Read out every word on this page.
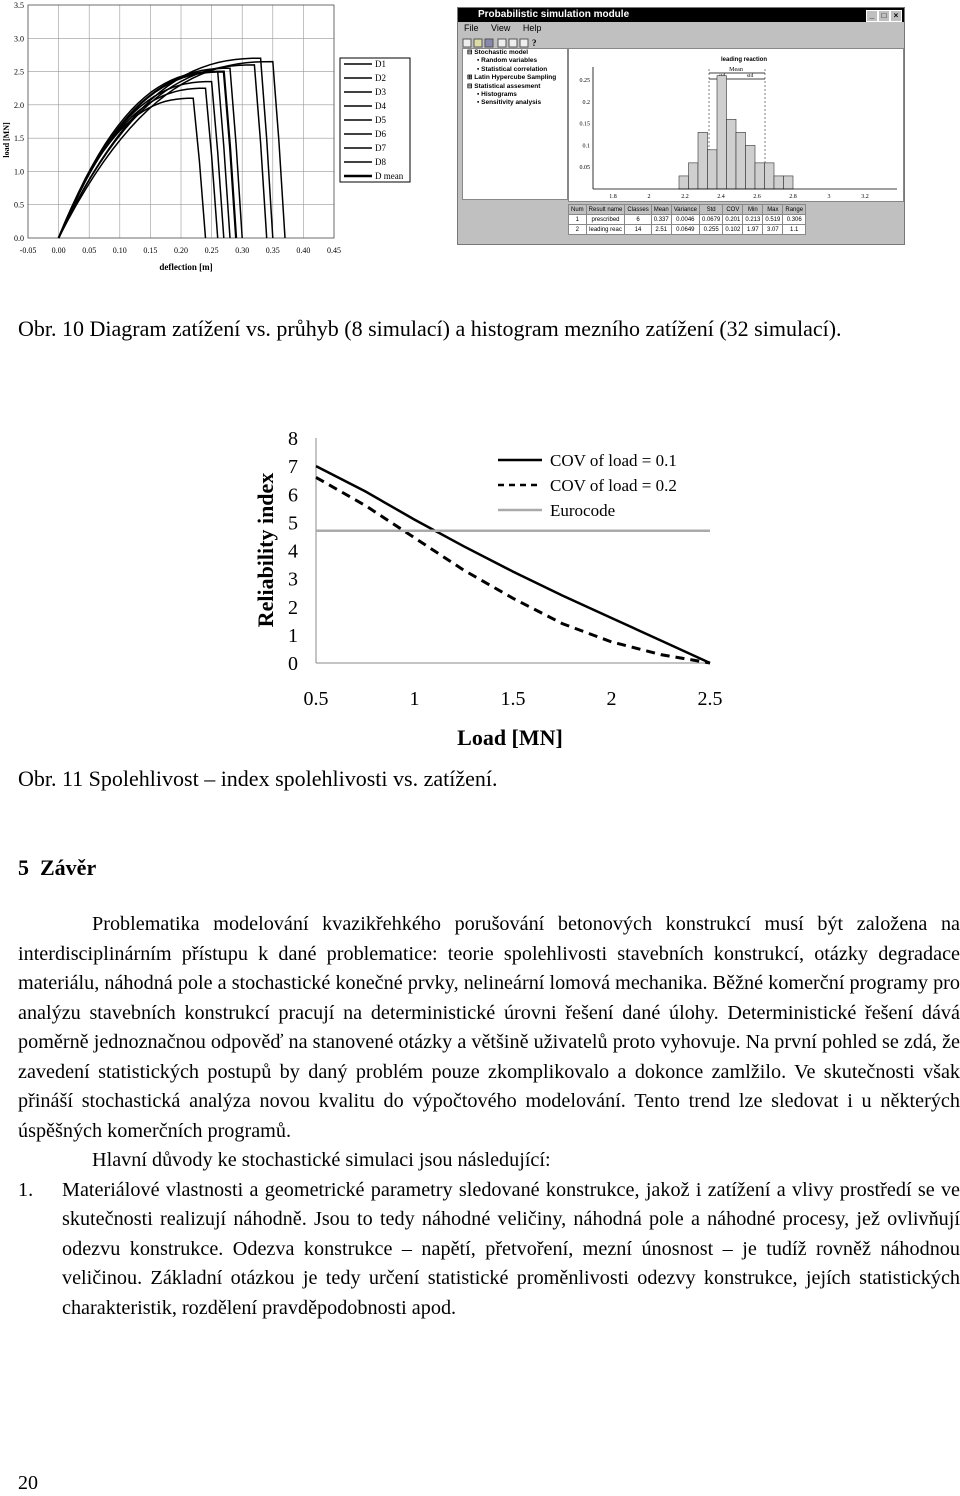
0.0
0.5
1.0
1.5
2.0
2.5
3.0
3.5
-0.05 0.00 0.05 0.10 0.15 0.20 0.25 0.30 0.35 0.40 0.45
load [MN]
deflection [m]
D1
D2
D3
D4
D5
D6
D7
D8
D mean
Probabilistic simulation module	_ □ ×
File View Help
?
⊟ Stochastic model
▪ Random variables
▪ Statistical correlation
⊞ Latin Hypercube Sampling
⊟ Statistical assesment
▪ Histograms
▪ Sensitivity analysis
leading reaction
Mean
std
0.05
0.1
0.15
0.2
0.25
1.8	2	2.2	2.4	2.6	2.8	3	3.2
Num	Result name	Classes	Mean	Variance	Std	COV	Min	Max	Range
1	prescribed	6	0.337	0.0046	0.0679	0.201	0.213	0.519	0.306
2	leading reac	14	2.51	0.0649	0.255	0.102	1.97	3.07	1.1
Obr. 10 Diagram zatížení vs. průhyb (8 simulací) a histogram mezního zatížení (32 simulací).
8
7
6
5
4
3
2
1
0
0.5	1	1.5	2	2.5
Reliability index
Load [MN]
COV of load = 0.1
COV of load = 0.2
Eurocode
Obr. 11 Spolehlivost – index spolehlivosti vs. zatížení.
5 Závěr

Problematika modelování kvazikřehkého porušování betonových konstrukcí musí být založena na interdisciplinárním přístupu k dané problematice: teorie spolehlivosti stavebních konstrukcí, otázky degradace materiálu, náhodná pole a stochastické konečné prvky, nelineární lomová mechanika. Běžné komerční programy pro analýzu stavebních konstrukcí pracují na deterministické úrovni řešení dané úlohy. Deterministické řešení dává poměrně jednoznačnou odpověď na stanovené otázky a většině uživatelů proto vyhovuje. Na první pohled se zdá, že zavedení statistických postupů by daný problém pouze zkomplikovalo a dokonce zamlžilo. Ve skutečnosti však přináší stochastická analýza novou kvalitu do výpočtového modelování. Tento trend lze sledovat i u některých úspěšných komerčních programů.

Hlavní důvody ke stochastické simulaci jsou následující:

1. Materiálové vlastnosti a geometrické parametry sledované konstrukce, jakož i zatížení a vlivy prostředí se ve skutečnosti realizují náhodně. Jsou to tedy náhodné veličiny, náhodná pole a náhodné procesy, jež ovlivňují odezvu konstrukce. Odezva konstrukce – napětí, přetvoření, mezní únosnost – je tudíž rovněž náhodnou veličinou. Základní otázkou je tedy určení statistické proměnlivosti odezvy konstrukce, jejích statistických charakteristik, rozdělení pravděpodobnosti apod.
20
